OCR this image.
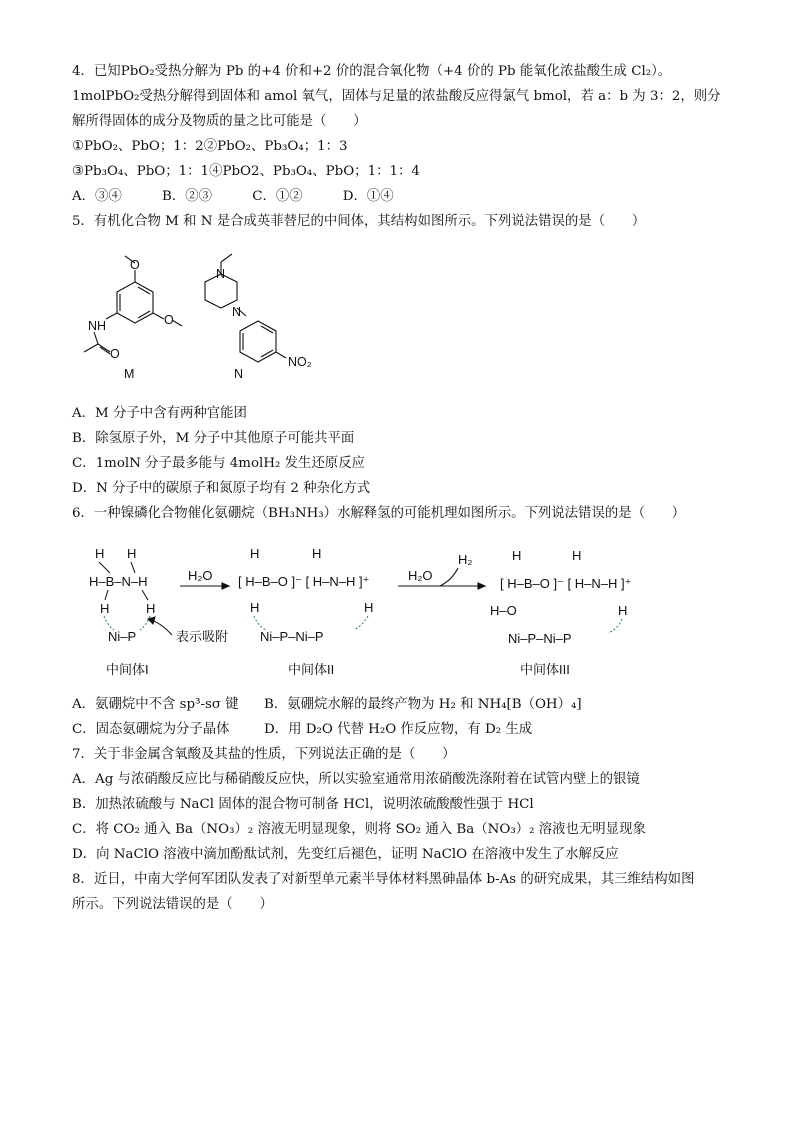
4．已知PbO₂受热分解为 Pb 的+4 价和+2 价的混合氧化物（+4 价的 Pb 能氧化浓盐酸生成 Cl₂）。
1molPbO₂受热分解得到固体和 amol 氧气，固体与足量的浓盐酸反应得氯气 bmol，若 a：b 为 3：2，则分
解所得固体的成分及物质的量之比可能是（　　）
①PbO₂、PbO；1：2②PbO₂、Pb₃O₄；1：3
③Pb₃O₄、PbO；1：1④PbO2、Pb₃O₄、PbO；1：1：4
A．③④　　　B．②③　　　C．①②　　　D．①④
5．有机化合物 M 和 N 是合成英菲替尼的中间体，其结构如图所示。下列说法错误的是（　　）
O
O
NH
O
M
N
N
NO₂
N
A．M 分子中含有两种官能团
B．除氢原子外，M 分子中其他原子可能共平面
C．1molN 分子最多能与 4molH₂ 发生还原反应
D．N 分子中的碳原子和氮原子均有 2 种杂化方式
6．一种镍磷化合物催化氨硼烷（BH₃NH₃）水解释氢的可能机理如图所示。下列说法错误的是（　　）
H H
H–B–N–H
H	H
Ni–P	表示吸附
中间体I
H₂O
H
[ H–B–O ]⁻ [ H–N–H ]⁺
H
H	H
Ni–P–Ni–P
中间体II
H₂O
H₂	H
[ H–B–O ]⁻ [ H–N–H ]⁺
H
H–O	H
Ni–P–Ni–P
中间体III
A．氨硼烷中不含 sp³-sσ 键 B．氨硼烷水解的最终产物为 H₂ 和 NH₄[B（OH）₄]
C．固态氨硼烷为分子晶体	D．用 D₂O 代替 H₂O 作反应物，有 D₂ 生成
7．关于非金属含氧酸及其盐的性质，下列说法正确的是（　　）
A．Ag 与浓硝酸反应比与稀硝酸反应快，所以实验室通常用浓硝酸洗涤附着在试管内壁上的银镜
B．加热浓硫酸与 NaCl 固体的混合物可制备 HCl，说明浓硫酸酸性强于 HCl
C．将 CO₂ 通入 Ba（NO₃）₂ 溶液无明显现象，则将 SO₂ 通入 Ba（NO₃）₂ 溶液也无明显现象
D．向 NaClO 溶液中滴加酚酞试剂，先变红后褪色，证明 NaClO 在溶液中发生了水解反应
8．近日，中南大学何军团队发表了对新型单元素半导体材料黑砷晶体 b-As 的研究成果，其三维结构如图
所示。下列说法错误的是（　　）
